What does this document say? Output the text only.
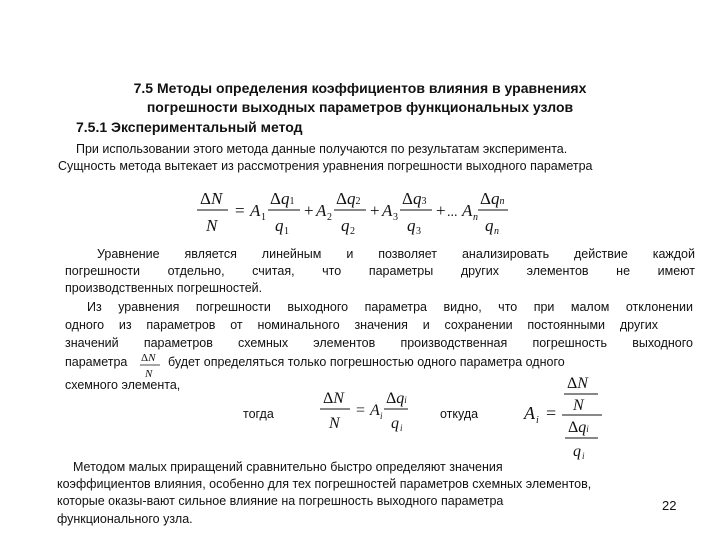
7.5 Методы определения коэффициентов влияния в уравнениях
погрешности выходных параметров функциональных узлов
7.5.1 Экспериментальный метод
При использовании этого метода данные получаются по результатам эксперимента.
Сущность метода вытекает из рассмотрения уравнения погрешности выходного параметра
ΔN
N
= A 1
Δq1
q 1
+ A 2
Δq2
q 2
+ A 3
Δq3
q 3
+ ... A n
Δqn
q n
Уравнение является линейным и позволяет анализировать действие каждой
погрешности отдельно, считая, что параметры других элементов не имеют
производственных погрешностей.
Из уравнения погрешности выходного параметра видно, что при малом отклонении
одного из параметров от номинального значения и сохранении постоянными других
значений параметров схемных элементов производственная погрешность выходного
параметра ΔN
N
будет определяться только погрешностью одного параметра одного
схемного элемента,
тогда
ΔN
N
= A i
Δqi
q i
откуда	A i =
ΔN
N
Δqi
q i
Методом малых приращений сравнительно быстро определяют значения
коэффициентов влияния, особенно для тех погрешностей параметров схемных элементов,
которые оказы-вают сильное влияние на погрешность выходного параметра
функционального узла.
22
